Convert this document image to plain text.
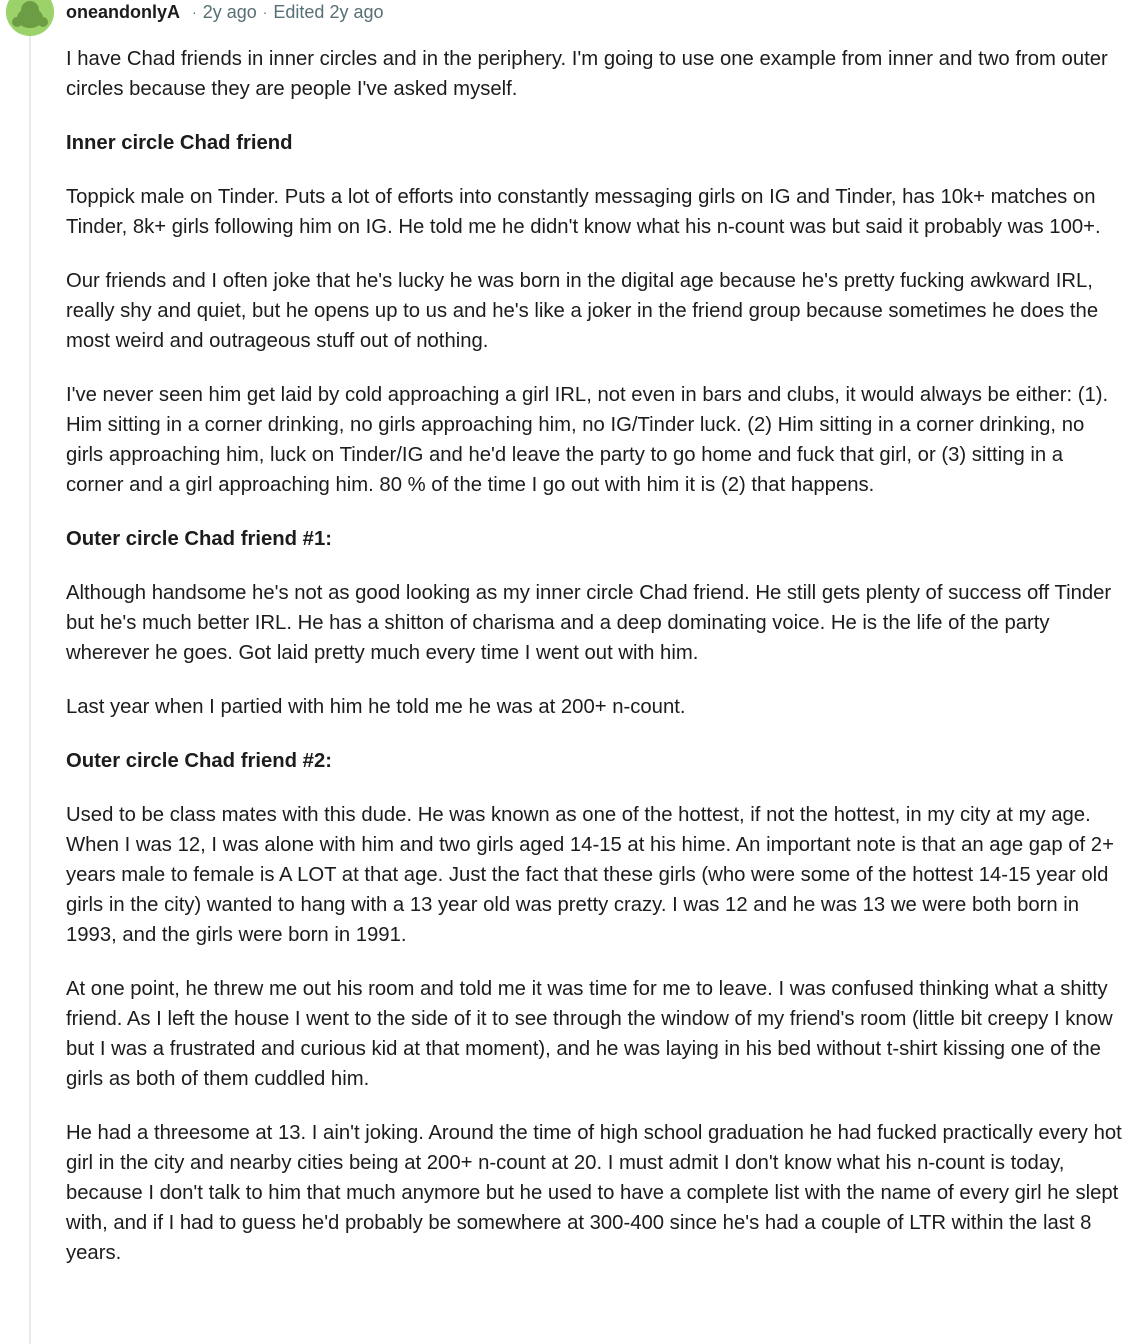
oneandonlyA · 2y ago · Edited 2y ago

I have Chad friends in inner circles and in the periphery. I'm going to use one example from inner and two from outer circles because they are people I've asked myself.

Inner circle Chad friend

Toppick male on Tinder. Puts a lot of efforts into constantly messaging girls on IG and Tinder, has 10k+ matches on Tinder, 8k+ girls following him on IG. He told me he didn't know what his n-count was but said it probably was 100+.

Our friends and I often joke that he's lucky he was born in the digital age because he's pretty fucking awkward IRL, really shy and quiet, but he opens up to us and he's like a joker in the friend group because sometimes he does the most weird and outrageous stuff out of nothing.

I've never seen him get laid by cold approaching a girl IRL, not even in bars and clubs, it would always be either: (1). Him sitting in a corner drinking, no girls approaching him, no IG/Tinder luck. (2) Him sitting in a corner drinking, no girls approaching him, luck on Tinder/IG and he'd leave the party to go home and fuck that girl, or (3) sitting in a corner and a girl approaching him. 80 % of the time I go out with him it is (2) that happens.

Outer circle Chad friend #1:

Although handsome he's not as good looking as my inner circle Chad friend. He still gets plenty of success off Tinder but he's much better IRL. He has a shitton of charisma and a deep dominating voice. He is the life of the party wherever he goes. Got laid pretty much every time I went out with him.

Last year when I partied with him he told me he was at 200+ n-count.

Outer circle Chad friend #2:

Used to be class mates with this dude. He was known as one of the hottest, if not the hottest, in my city at my age. When I was 12, I was alone with him and two girls aged 14-15 at his hime. An important note is that an age gap of 2+ years male to female is A LOT at that age. Just the fact that these girls (who were some of the hottest 14-15 year old girls in the city) wanted to hang with a 13 year old was pretty crazy. I was 12 and he was 13 we were both born in 1993, and the girls were born in 1991.

At one point, he threw me out his room and told me it was time for me to leave. I was confused thinking what a shitty friend. As I left the house I went to the side of it to see through the window of my friend's room (little bit creepy I know but I was a frustrated and curious kid at that moment), and he was laying in his bed without t-shirt kissing one of the girls as both of them cuddled him.

He had a threesome at 13. I ain't joking. Around the time of high school graduation he had fucked practically every hot girl in the city and nearby cities being at 200+ n-count at 20. I must admit I don't know what his n-count is today, because I don't talk to him that much anymore but he used to have a complete list with the name of every girl he slept with, and if I had to guess he'd probably be somewhere at 300-400 since he's had a couple of LTR within the last 8 years.
